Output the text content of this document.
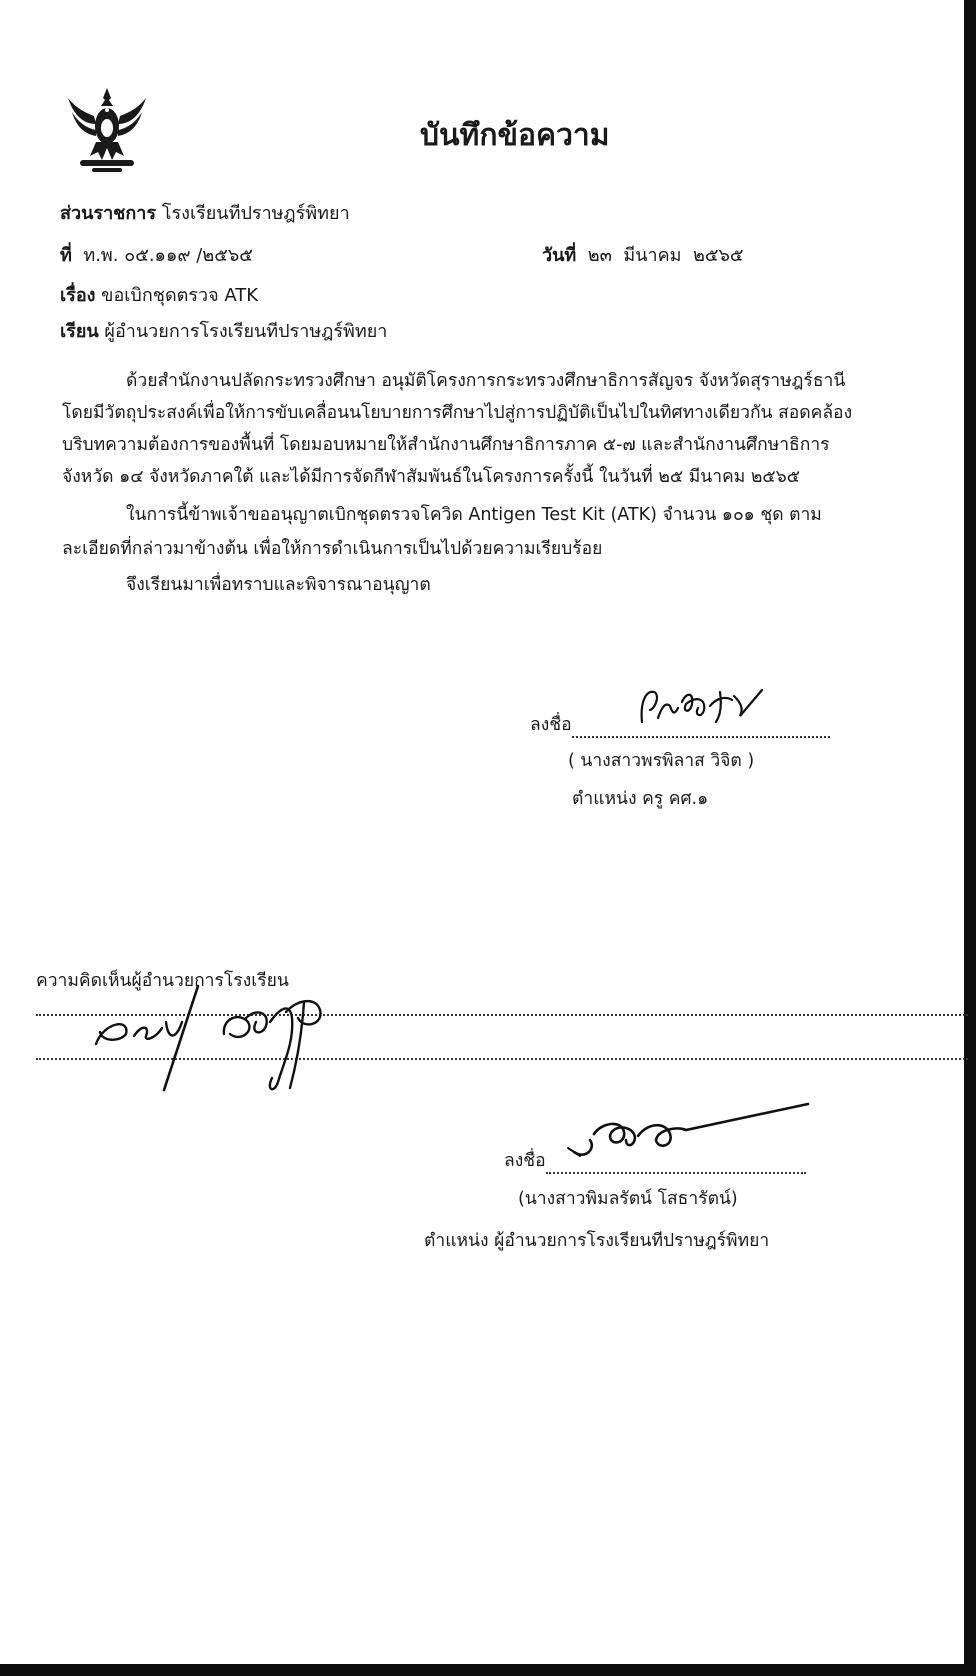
บันทึกข้อความ
ส่วนราชการ โรงเรียนทีปราษฎร์พิทยา
ที่ ท.พ. ๐๕.๑๑๙ /๒๕๖๕	วันที่ ๒๓  มีนาคม  ๒๕๖๕
เรื่อง ขอเบิกชุดตรวจ ATK
เรียน ผู้อำนวยการโรงเรียนทีปราษฎร์พิทยา
ด้วยสำนักงานปลัดกระทรวงศึกษา อนุมัติโครงการกระทรวงศึกษาธิการสัญจร จังหวัดสุราษฎร์ธานี
โดยมีวัตถุประสงค์เพื่อให้การขับเคลื่อนนโยบายการศึกษาไปสู่การปฏิบัติเป็นไปในทิศทางเดียวกัน สอดคล้อง
บริบทความต้องการของพื้นที่ โดยมอบหมายให้สำนักงานศึกษาธิการภาค ๕-๗ และสำนักงานศึกษาธิการ
จังหวัด ๑๔ จังหวัดภาคใต้ และได้มีการจัดกีฬาสัมพันธ์ในโครงการครั้งนี้ ในวันที่ ๒๕ มีนาคม ๒๕๖๕
ในการนี้ข้าพเจ้าขออนุญาตเบิกชุดตรวจโควิด Antigen Test Kit (ATK) จำนวน ๑๐๑ ชุด ตาม
ละเอียดที่กล่าวมาข้างต้น เพื่อให้การดำเนินการเป็นไปด้วยความเรียบร้อย
จึงเรียนมาเพื่อทราบและพิจารณาอนุญาต
ลงชื่อ
( นางสาวพรพิลาส วิจิต )
ตำแหน่ง ครู คศ.๑
ความคิดเห็นผู้อำนวยการโรงเรียน
ลงชื่อ
(นางสาวพิมลรัตน์ โสธารัตน์)
ตำแหน่ง ผู้อำนวยการโรงเรียนทีปราษฎร์พิทยา
